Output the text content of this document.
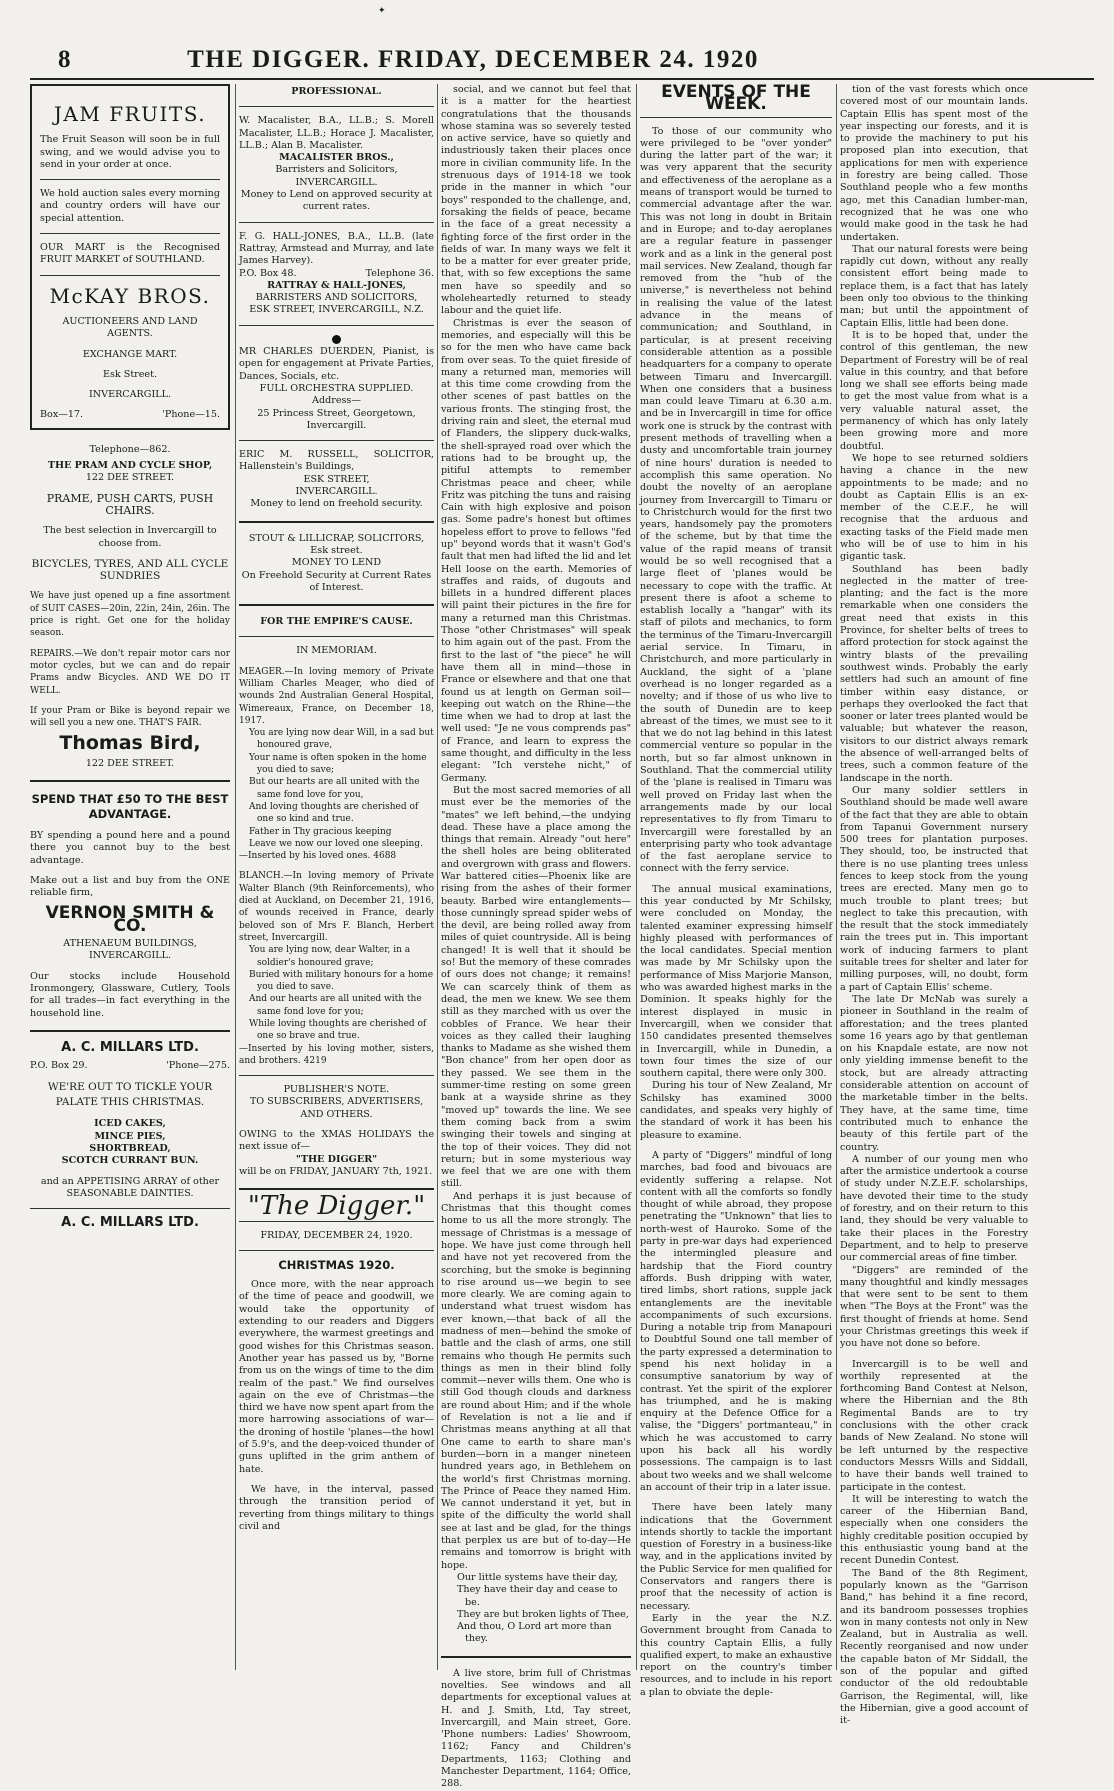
✦
8	THE DIGGER. FRIDAY, DECEMBER 24. 1920
JAM FRUITS.
The Fruit Season will soon be in full swing, and we would advise you to send in your order at once.
We hold auction sales every morning and country orders will have our special attention.
OUR MART is the Recognised FRUIT MARKET of SOUTHLAND.
McKAY BROS.
AUCTIONEERS AND LAND AGENTS.
EXCHANGE MART.
Esk Street.
INVERCARGILL.
Box—17.	'Phone—15.
Telephone—862.
THE PRAM AND CYCLE SHOP,
122 DEE STREET.
PRAME, PUSH CARTS, PUSH CHAIRS.
The best selection in Invercargill to choose from.
BICYCLES, TYRES, AND ALL CYCLE SUNDRIES
We have just opened up a fine assortment of SUIT CASES—20in, 22in, 24in, 26in. The price is right. Get one for the holiday season.
REPAIRS.—We don't repair motor cars nor motor cycles, but we can and do repair Prams andw Bicycles. AND WE DO IT WELL.
If your Pram or Bike is beyond repair we will sell you a new one. THAT'S FAIR.
Thomas Bird,
122 DEE STREET.
SPEND THAT £50 TO THE BEST ADVANTAGE.
BY spending a pound here and a pound there you cannot buy to the best advantage.
Make out a list and buy from the ONE reliable firm,
VERNON SMITH & CO.
ATHENAEUM BUILDINGS,
INVERCARGILL.
Our stocks include Household Ironmongery, Glassware, Cutlery, Tools for all trades—in fact everything in the household line.
A. C. MILLARS LTD.
P.O. Box 29.	'Phone—275.
WE'RE OUT TO TICKLE YOUR PALATE THIS CHRISTMAS.
ICED CAKES,
MINCE PIES,
SHORTBREAD,
SCOTCH CURRANT BUN.
and an APPETISING ARRAY of other SEASONABLE DAINTIES.
A. C. MILLARS LTD.
PROFESSIONAL.
W. Macalister, B.A., LL.B.; S. Morell Macalister, LL.B.; Horace J. Macalister, LL.B.; Alan B. Macalister.
MACALISTER BROS.,
Barristers and Solicitors,
INVERCARGILL.
Money to Lend on approved security at current rates.
F. G. HALL-JONES, B.A., LL.B. (late Rattray, Armstead and Murray, and late James Harvey).
P.O. Box 48.	Telephone 36.
RATTRAY & HALL-JONES,
BARRISTERS AND SOLICITORS,
ESK STREET, INVERCARGILL, N.Z.
MR CHARLES DUERDEN, Pianist, is open for engagement at Private Parties, Dances, Socials, etc.
FULL ORCHESTRA SUPPLIED.
Address—
25 Princess Street, Georgetown, Invercargill.
ERIC M. RUSSELL, SOLICITOR, Hallenstein's Buildings,
ESK STREET,
INVERCARGILL.
Money to lend on freehold security.
STOUT & LILLICRAP, SOLICITORS,
Esk street.
MONEY TO LEND
On Freehold Security at Current Rates of Interest.
FOR THE EMPIRE'S CAUSE.
IN MEMORIAM.
MEAGER.—In loving memory of Private William Charles Meager, who died of wounds 2nd Australian General Hospital, Wimereaux, France, on December 18, 1917.
You are lying now dear Will, in a sad but honoured grave,
Your name is often spoken in the home you died to save;
But our hearts are all united with the same fond love for you,
And loving thoughts are cherished of one so kind and true.
Father in Thy gracious keeping
Leave we now our loved one sleeping.
—Inserted by his loved ones. 4688
BLANCH.—In loving memory of Private Walter Blanch (9th Reinforcements), who died at Auckland, on December 21, 1916, of wounds received in France, dearly beloved son of Mrs F. Blanch, Herbert street, Invercargill.
You are lying now, dear Walter, in a soldier's honoured grave;
Buried with military honours for a home you died to save.
And our hearts are all united with the same fond love for you;
While loving thoughts are cherished of one so brave and true.
—Inserted by his loving mother, sisters, and brothers. 4219
PUBLISHER'S NOTE.
TO SUBSCRIBERS, ADVERTISERS, AND OTHERS.
OWING to the XMAS HOLIDAYS the next issue of—
"THE DIGGER"
will be on FRIDAY, JANUARY 7th, 1921.
"The Digger."
FRIDAY, DECEMBER 24, 1920.
CHRISTMAS 1920.
Once more, with the near approach of the time of peace and goodwill, we would take the opportunity of extending to our readers and Diggers everywhere, the warmest greetings and good wishes for this Christmas season. Another year has passed us by, "Borne from us on the wings of time to the dim realm of the past." We find ourselves again on the eve of Christmas—the third we have now spent apart from the more harrowing associations of war—the droning of hostile 'planes—the howl of 5.9's, and the deep-voiced thunder of guns uplifted in the grim anthem of hate.
We have, in the interval, passed through the transition period of reverting from things military to things civil and
social, and we cannot but feel that it is a matter for the heartiest congratulations that the thousands whose stamina was so severely tested on active service, have so quietly and industriously taken their places once more in civilian community life. In the strenuous days of 1914-18 we took pride in the manner in which "our boys" responded to the challenge, and, forsaking the fields of peace, became in the face of a great necessity a fighting force of the first order in the fields of war. In many ways we felt it to be a matter for ever greater pride, that, with so few exceptions the same men have so speedily and so wholeheartedly returned to steady labour and the quiet life.
Christmas is ever the season of memories, and especially will this be so for the men who have came back from over seas. To the quiet fireside of many a returned man, memories will at this time come crowding from the other scenes of past battles on the various fronts. The stinging frost, the driving rain and sleet, the eternal mud of Flanders, the slippery duck-walks, the shell-sprayed road over which the rations had to be brought up, the pitiful attempts to remember Christmas peace and cheer, while Fritz was pitching the tuns and raising Cain with high explosive and poison gas. Some padre's honest but oftimes hopeless effort to prove to fellows "fed up" beyond words that it wasn't God's fault that men had lifted the lid and let Hell loose on the earth. Memories of straffes and raids, of dugouts and billets in a hundred different places will paint their pictures in the fire for many a returned man this Christmas. Those "other Christmases" will speak to him again out of the past. From the first to the last of "the piece" he will have them all in mind—those in France or elsewhere and that one that found us at length on German soil—keeping out watch on the Rhine—the time when we had to drop at last the well used: "Je ne vous comprends pas" of France, and learn to express the same thought, and difficulty in the less elegant: "Ich verstehe nicht," of Germany.
But the most sacred memories of all must ever be the memories of the "mates" we left behind,—the undying dead. These have a place among the things that remain. Already "out here" the shell holes are being obliterated and overgrown with grass and flowers. War battered cities—Phoenix like are rising from the ashes of their former beauty. Barbed wire entanglements—those cunningly spread spider webs of the devil, are being rolled away from miles of quiet countryside. All is being changed! It is well that it should be so! But the memory of these comrades of ours does not change; it remains! We can scarcely think of them as dead, the men we knew. We see them still as they marched with us over the cobbles of France. We hear their voices as they called their laughing thanks to Madame as she wished them "Bon chance" from her open door as they passed. We see them in the summer-time resting on some green bank at a wayside shrine as they "moved up" towards the line. We see them coming back from a swim swinging their towels and singing at the top of their voices. They did not return; but in some mysterious way we feel that we are one with them still.
And perhaps it is just because of Christmas that this thought comes home to us all the more strongly. The message of Christmas is a message of hope. We have just come through hell and have not yet recovered from the scorching, but the smoke is beginning to rise around us—we begin to see more clearly. We are coming again to understand what truest wisdom has ever known,—that back of all the madness of men—behind the smoke of battle and the clash of arms, one still remains who though He permits such things as men in their blind folly commit—never wills them. One who is still God though clouds and darkness are round about Him; and if the whole of Revelation is not a lie and if Christmas means anything at all that One came to earth to share man's burden—born in a manger nineteen hundred years ago, in Bethlehem on the world's first Christmas morning. The Prince of Peace they named Him. We cannot understand it yet, but in spite of the difficulty the world shall see at last and be glad, for the things that perplex us are but of to-day—He remains and tomorrow is bright with hope.
Our little systems have their day,
They have their day and cease to be.
They are but broken lights of Thee,
And thou, O Lord art more than they.
A live store, brim full of Christmas novelties. See windows and all departments for exceptional values at H. and J. Smith, Ltd, Tay street, Invercargill, and Main street, Gore. 'Phone numbers: Ladies' Showroom, 1162; Fancy and Children's Departments, 1163; Clothing and Manchester Department, 1164; Office, 288.
EVENTS OF THE WEEK.
To those of our community who were privileged to be "over yonder" during the latter part of the war; it was very apparent that the security and effectiveness of the aeroplane as a means of transport would be turned to commercial advantage after the war. This was not long in doubt in Britain and in Europe; and to-day aeroplanes are a regular feature in passenger work and as a link in the general post mail services. New Zealand, though far removed from the "hub of the universe," is nevertheless not behind in realising the value of the latest advance in the means of communication; and Southland, in particular, is at present receiving considerable attention as a possible headquarters for a company to operate between Timaru and Invercargill. When one considers that a business man could leave Timaru at 6.30 a.m. and be in Invercargill in time for office work one is struck by the contrast with present methods of travelling when a dusty and uncomfortable train journey of nine hours' duration is needed to accomplish this same operation. No doubt the novelty of an aeroplane journey from Invercargill to Timaru or to Christchurch would for the first two years, handsomely pay the promoters of the scheme, but by that time the value of the rapid means of transit would be so well recognised that a large fleet of 'planes would be necessary to cope with the traffic. At present there is afoot a scheme to establish locally a "hangar" with its staff of pilots and mechanics, to form the terminus of the Timaru-Invercargill aerial service. In Timaru, in Christchurch, and more particularly in Auckland, the sight of a 'plane overhead is no longer regarded as a novelty; and if those of us who live to the south of Dunedin are to keep abreast of the times, we must see to it that we do not lag behind in this latest commercial venture so popular in the north, but so far almost unknown in Southland. That the commercial utility of the 'plane is realised in Timaru was well proved on Friday last when the arrangements made by our local representatives to fly from Timaru to Invercargill were forestalled by an enterprising party who took advantage of the fast aeroplane service to connect with the ferry service.
The annual musical examinations, this year conducted by Mr Schilsky, were concluded on Monday, the talented examiner expressing himself highly pleased with performances of the local candidates. Special mention was made by Mr Schilsky upon the performance of Miss Marjorie Manson, who was awarded highest marks in the Dominion. It speaks highly for the interest displayed in music in Invercargill, when we consider that 150 candidates presented themselves in Invercargill, while in Dunedin, a town four times the size of our southern capital, there were only 300.
During his tour of New Zealand, Mr Schilsky has examined 3000 candidates, and speaks very highly of the standard of work it has been his pleasure to examine.
A party of "Diggers" mindful of long marches, bad food and bivouacs are evidently suffering a relapse. Not content with all the comforts so fondly thought of while abroad, they propose penetrating the "Unknown" that lies to north-west of Hauroko. Some of the party in pre-war days had experienced the intermingled pleasure and hardship that the Fiord country affords. Bush dripping with water, tired limbs, short rations, supple jack entanglements are the inevitable accompaniments of such excursions. During a notable trip from Manapouri to Doubtful Sound one tall member of the party expressed a determination to spend his next holiday in a consumptive sanatorium by way of contrast. Yet the spirit of the explorer has triumphed, and he is making enquiry at the Defence Office for a valise, the "Diggers' portmanteau," in which he was accustomed to carry upon his back all his wordly possessions. The campaign is to last about two weeks and we shall welcome an account of their trip in a later issue.
There have been lately many indications that the Government intends shortly to tackle the important question of Forestry in a business-like way, and in the applications invited by the Public Service for men qualified for Conservators and rangers there is proof that the necessity of action is necessary.
Early in the year the N.Z. Government brought from Canada to this country Captain Ellis, a fully qualified expert, to make an exhaustive report on the country's timber resources, and to include in his report a plan to obviate the deple-
tion of the vast forests which once covered most of our mountain lands. Captain Ellis has spent most of the year inspecting our forests, and it is to provide the machinery to put his proposed plan into execution, that applications for men with experience in forestry are being called. Those Southland people who a few months ago, met this Canadian lumber-man, recognized that he was one who would make good in the task he had undertaken.
That our natural forests were being rapidly cut down, without any really consistent effort being made to replace them, is a fact that has lately been only too obvious to the thinking man; but until the appointment of Captain Ellis, little had been done.
It is to be hoped that, under the control of this gentleman, the new Department of Forestry will be of real value in this country, and that before long we shall see efforts being made to get the most value from what is a very valuable natural asset, the permanency of which has only lately been growing more and more doubtful.
We hope to see returned soldiers having a chance in the new appointments to be made; and no doubt as Captain Ellis is an ex-member of the C.E.F., he will recognise that the arduous and exacting tasks of the Field made men who will be of use to him in his gigantic task.
Southland has been badly neglected in the matter of tree-planting; and the fact is the more remarkable when one considers the great need that exists in this Province, for shelter belts of trees to afford protection for stock against the wintry blasts of the prevailing southwest winds. Probably the early settlers had such an amount of fine timber within easy distance, or perhaps they overlooked the fact that sooner or later trees planted would be valuable; but whatever the reason, visitors to our district always remark the absence of well-arranged belts of trees, such a common feature of the landscape in the north.
Our many soldier settlers in Southland should be made well aware of the fact that they are able to obtain from Tapanui Government nursery 500 trees for plantation purposes. They should, too, be instructed that there is no use planting trees unless fences to keep stock from the young trees are erected. Many men go to much trouble to plant trees; but neglect to take this precaution, with the result that the stock immediately rain the trees put in. This important work of inducing farmers to plant suitable trees for shelter and later for milling purposes, will, no doubt, form a part of Captain Ellis' scheme.
The late Dr McNab was surely a pioneer in Southland in the realm of afforestation; and the trees planted some 16 years ago by that gentleman on his Knapdale estate, are now not only yielding immense benefit to the stock, but are already attracting considerable attention on account of the marketable timber in the belts. They have, at the same time, time contributed much to enhance the beauty of this fertile part of the country.
A number of our young men who after the armistice undertook a course of study under N.Z.E.F. scholarships, have devoted their time to the study of forestry, and on their return to this land, they should be very valuable to take their places in the Forestry Department, and to help to preserve our commercial areas of fine timber.
"Diggers" are reminded of the many thoughtful and kindly messages that were sent to be sent to them when "The Boys at the Front" was the first thought of friends at home. Send your Christmas greetings this week if you have not done so before.
Invercargill is to be well and worthily represented at the forthcoming Band Contest at Nelson, where the Hibernian and the 8th Regimental Bands are to try conclusions with the other crack bands of New Zealand. No stone will be left unturned by the respective conductors Messrs Wills and Siddall, to have their bands well trained to participate in the contest.
It will be interesting to watch the career of the Hibernian Band, especially when one considers the highly creditable position occupied by this enthusiastic young band at the recent Dunedin Contest.
The Band of the 8th Regiment, popularly known as the "Garrison Band," has behind it a fine record, and its bandroom possesses trophies won in many contests not only in New Zealand, but in Australia as well. Recently reorganised and now under the capable baton of Mr Siddall, the son of the popular and gifted conductor of the old redoubtable Garrison, the Regimental, will, like the Hibernian, give a good account of it-
